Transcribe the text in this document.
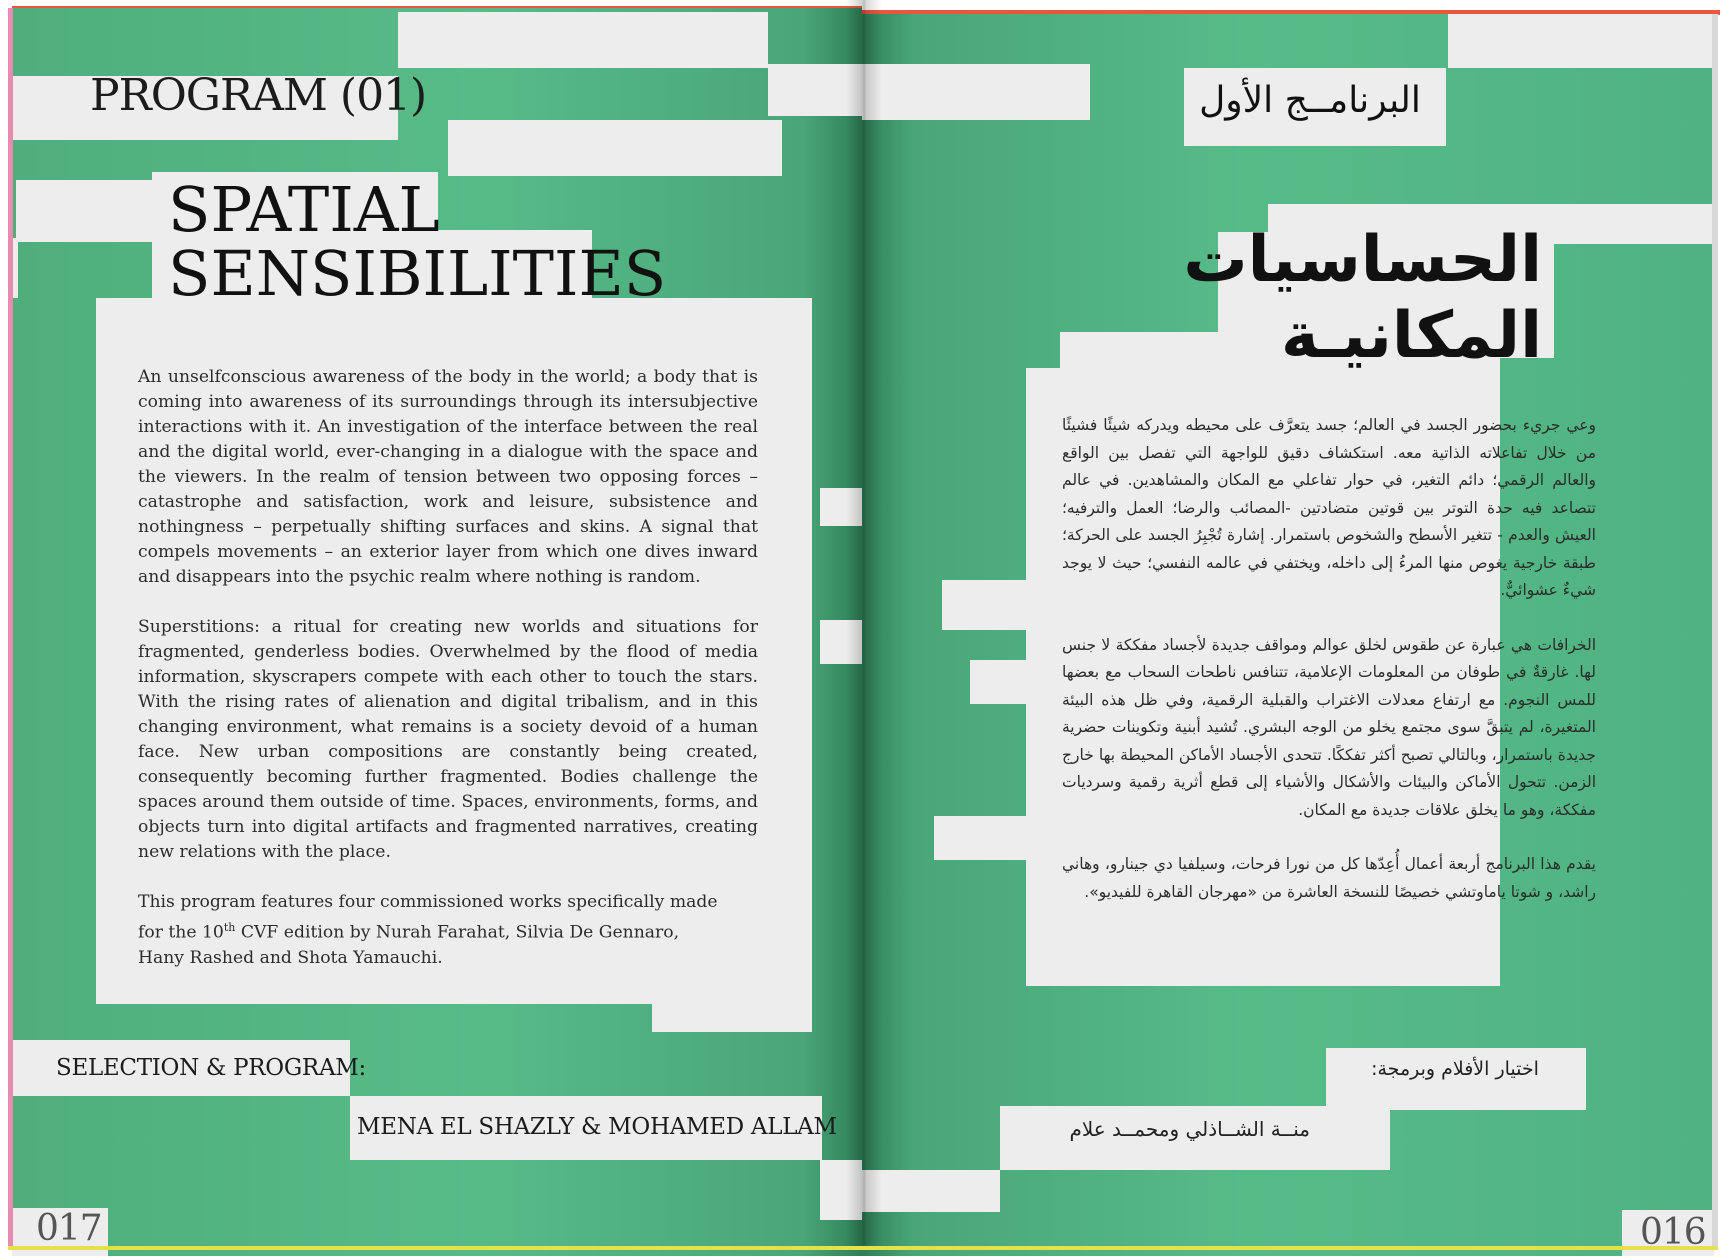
PROGRAM (01)
SPATIAL
SENSIBILITIES

An unselfconscious awareness of the body in the world; a body that is coming into awareness of its surroundings through its intersubjective interactions with it. An investigation of the interface between the real and the digital world, ever-changing in a dialogue with the space and the viewers. In the realm of tension between two opposing forces – catastrophe and satisfaction, work and leisure, subsistence and nothingness – perpetually shifting surfaces and skins. A signal that compels movements – an exterior layer from which one dives inward and disappears into the psychic realm where nothing is random.

Superstitions: a ritual for creating new worlds and situations for fragmented, genderless bodies. Overwhelmed by the flood of media information, skyscrapers compete with each other to touch the stars. With the rising rates of alienation and digital tribalism, and in this changing environment, what remains is a society devoid of a human face. New urban compositions are constantly being created, consequently becoming further fragmented. Bodies challenge the spaces around them outside of time. Spaces, environments, forms, and objects turn into digital artifacts and fragmented narratives, creating new relations with the place.

This program features four commissioned works specifically made for the 10th CVF edition by Nurah Farahat, Silvia De Gennaro, Hany Rashed and Shota Yamauchi.

SELECTION & PROGRAM:
MENA EL SHAZLY & MOHAMED ALLAM
017
البرنامــج الأول
الحساسيات
المكانيـة

وعي جريء بحضور الجسد في العالم؛ جسد يتعرَّف على محيطه ويدركه شيئًا فشيئًا من خلال تفاعلاته الذاتية معه. استكشاف دقيق للواجهة التي تفصل بين الواقع والعالم الرقمي؛ دائم التغير، في حوار تفاعلي مع المكان والمشاهدين. في عالم تتصاعد فيه حدة التوتر بين قوتين متضادتين -المصائب والرضا؛ العمل والترفيه؛ العيش والعدم - تتغير الأسطح والشخوص باستمرار. إشارة تُجْبِرُ الجسد على الحركة؛ طبقة خارجية يغوص منها المرءُ إلى داخله، ويختفي في عالمه النفسي؛ حيث لا يوجد شيءٌ عشوائيٌّ.

الخرافات هي عبارة عن طقوس لخلق عوالم ومواقف جديدة لأجساد مفككة لا جنس لها. غارقةٌ في طوفان من المعلومات الإعلامية، تتنافس ناطحات السحاب مع بعضها للمس النجوم. مع ارتفاع معدلات الاغتراب والقبلية الرقمية، وفي ظل هذه البيئة المتغيرة، لم يتبقَّ سوى مجتمع يخلو من الوجه البشري. تُشيد أبنية وتكوينات حضرية جديدة باستمرار، وبالتالي تصبح أكثر تفككًا. تتحدى الأجساد الأماكن المحيطة بها خارج الزمن. تتحول الأماكن والبيئات والأشكال والأشياء إلى قطع أثرية رقمية وسرديات مفككة، وهو ما يخلق علاقات جديدة مع المكان.

يقدم هذا البرنامج أربعة أعمال أُعِدّها كل من نورا فرحات، وسيلفيا دي جينارو، وهاني راشد، و شوتا ياماوتشي خصيصًا للنسخة العاشرة من «مهرجان القاهرة للفيديو».

اختيار الأفلام وبرمجة:
منــة الشــاذلي ومحمــد علام
016
